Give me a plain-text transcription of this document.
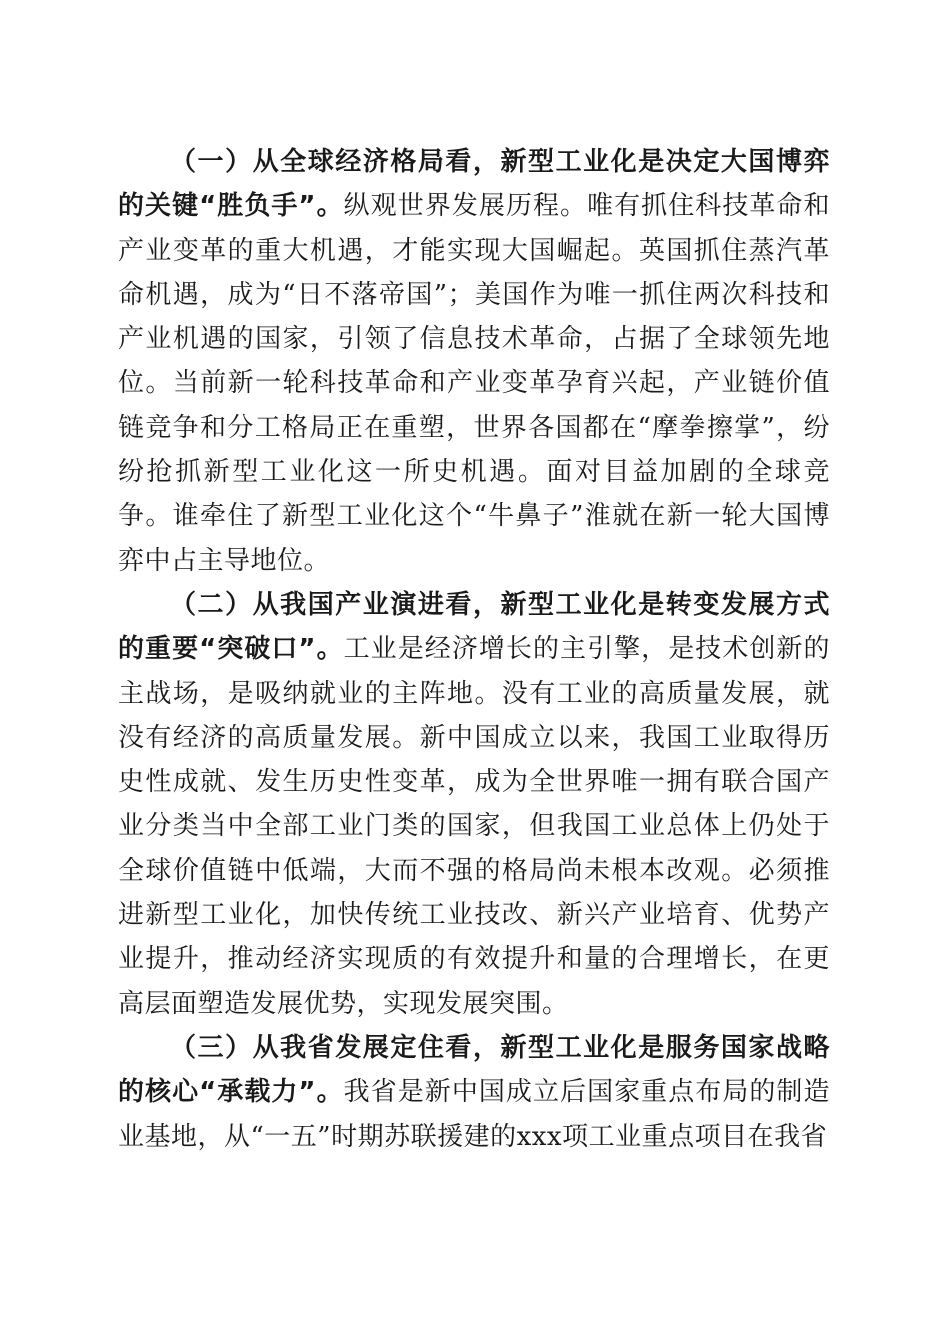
（一）从全球经济格局看，新型工业化是决定大国博弈的关键“胜负手”。纵观世界发展历程。唯有抓住科技革命和产业变革的重大机遇，才能实现大国崛起。英国抓住蒸汽革命机遇，成为“日不落帝国”；美国作为唯一抓住两次科技和产业机遇的国家，引领了信息技术革命，占据了全球领先地位。当前新一轮科技革命和产业变革孕育兴起，产业链价值链竞争和分工格局正在重塑，世界各国都在“摩拳擦掌”，纷纷抢抓新型工业化这一所史机遇。面对目益加剧的全球竞争。谁牵住了新型工业化这个“牛鼻子”淮就在新一轮大国博弈中占主导地位。

（二）从我国产业演进看，新型工业化是转变发展方式的重要“突破口”。工业是经济增长的主引擎，是技术创新的主战场，是吸纳就业的主阵地。没有工业的高质量发展，就没有经济的高质量发展。新中国成立以来，我国工业取得历史性成就、发生历史性变革，成为全世界唯一拥有联合国产业分类当中全部工业门类的国家，但我国工业总体上仍处于全球价值链中低端，大而不强的格局尚未根本改观。必须推进新型工业化，加快传统工业技改、新兴产业培育、优势产业提升，推动经济实现质的有效提升和量的合理增长，在更高层面塑造发展优势，实现发展突围。

（三）从我省发展定住看，新型工业化是服务国家战略的核心“承载力”。我省是新中国成立后国家重点布局的制造业基地，从“一五”时期苏联援建的xxx项工业重点项目在我省
